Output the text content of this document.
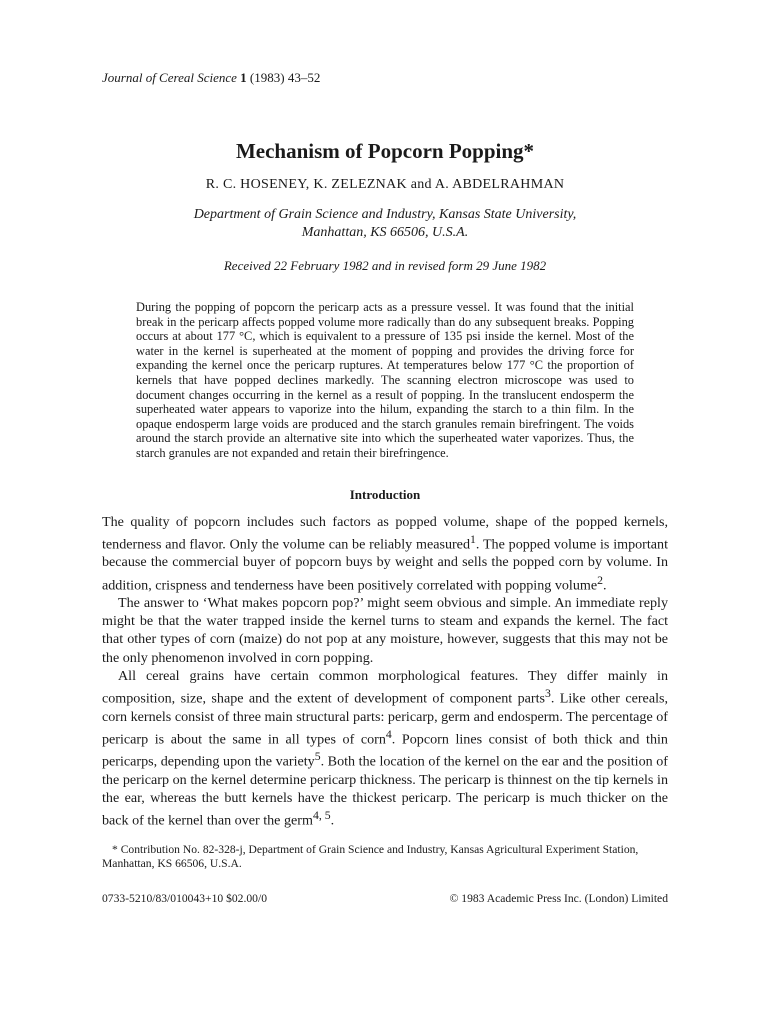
Journal of Cereal Science 1 (1983) 43–52

Mechanism of Popcorn Popping*

R. C. HOSENEY, K. ZELEZNAK and A. ABDELRAHMAN

Department of Grain Science and Industry, Kansas State University,
Manhattan, KS 66506, U.S.A.

Received 22 February 1982 and in revised form 29 June 1982

During the popping of popcorn the pericarp acts as a pressure vessel. It was found that the initial break in the pericarp affects popped volume more radically than do any subsequent breaks. Popping occurs at about 177 °C, which is equivalent to a pressure of 135 psi inside the kernel. Most of the water in the kernel is superheated at the moment of popping and provides the driving force for expanding the kernel once the pericarp ruptures. At temperatures below 177 °C the proportion of kernels that have popped declines markedly. The scanning electron microscope was used to document changes occurring in the kernel as a result of popping. In the translucent endosperm the superheated water appears to vaporize into the hilum, expanding the starch to a thin film. In the opaque endosperm large voids are produced and the starch granules remain birefringent. The voids around the starch provide an alternative site into which the superheated water vaporizes. Thus, the starch granules are not expanded and retain their birefringence.

Introduction

The quality of popcorn includes such factors as popped volume, shape of the popped kernels, tenderness and flavor. Only the volume can be reliably measured$^1$. The popped volume is important because the commercial buyer of popcorn buys by weight and sells the popped corn by volume. In addition, crispness and tenderness have been positively correlated with popping volume$^2$.

The answer to ‘What makes popcorn pop?’ might seem obvious and simple. An immediate reply might be that the water trapped inside the kernel turns to steam and expands the kernel. The fact that other types of corn (maize) do not pop at any moisture, however, suggests that this may not be the only phenomenon involved in corn popping.

All cereal grains have certain common morphological features. They differ mainly in composition, size, shape and the extent of development of component parts$^3$. Like other cereals, corn kernels consist of three main structural parts: pericarp, germ and endosperm. The percentage of pericarp is about the same in all types of corn$^4$. Popcorn lines consist of both thick and thin pericarps, depending upon the variety$^5$. Both the location of the kernel on the ear and the position of the pericarp on the kernel determine pericarp thickness. The pericarp is thinnest on the tip kernels in the ear, whereas the butt kernels have the thickest pericarp. The pericarp is much thicker on the back of the kernel than over the germ$^{4, 5}$.

* Contribution No. 82-328-j, Department of Grain Science and Industry, Kansas Agricultural Experiment Station, Manhattan, KS 66506, U.S.A.

0733-5210/83/010043+10 $02.00/0	© 1983 Academic Press Inc. (London) Limited
